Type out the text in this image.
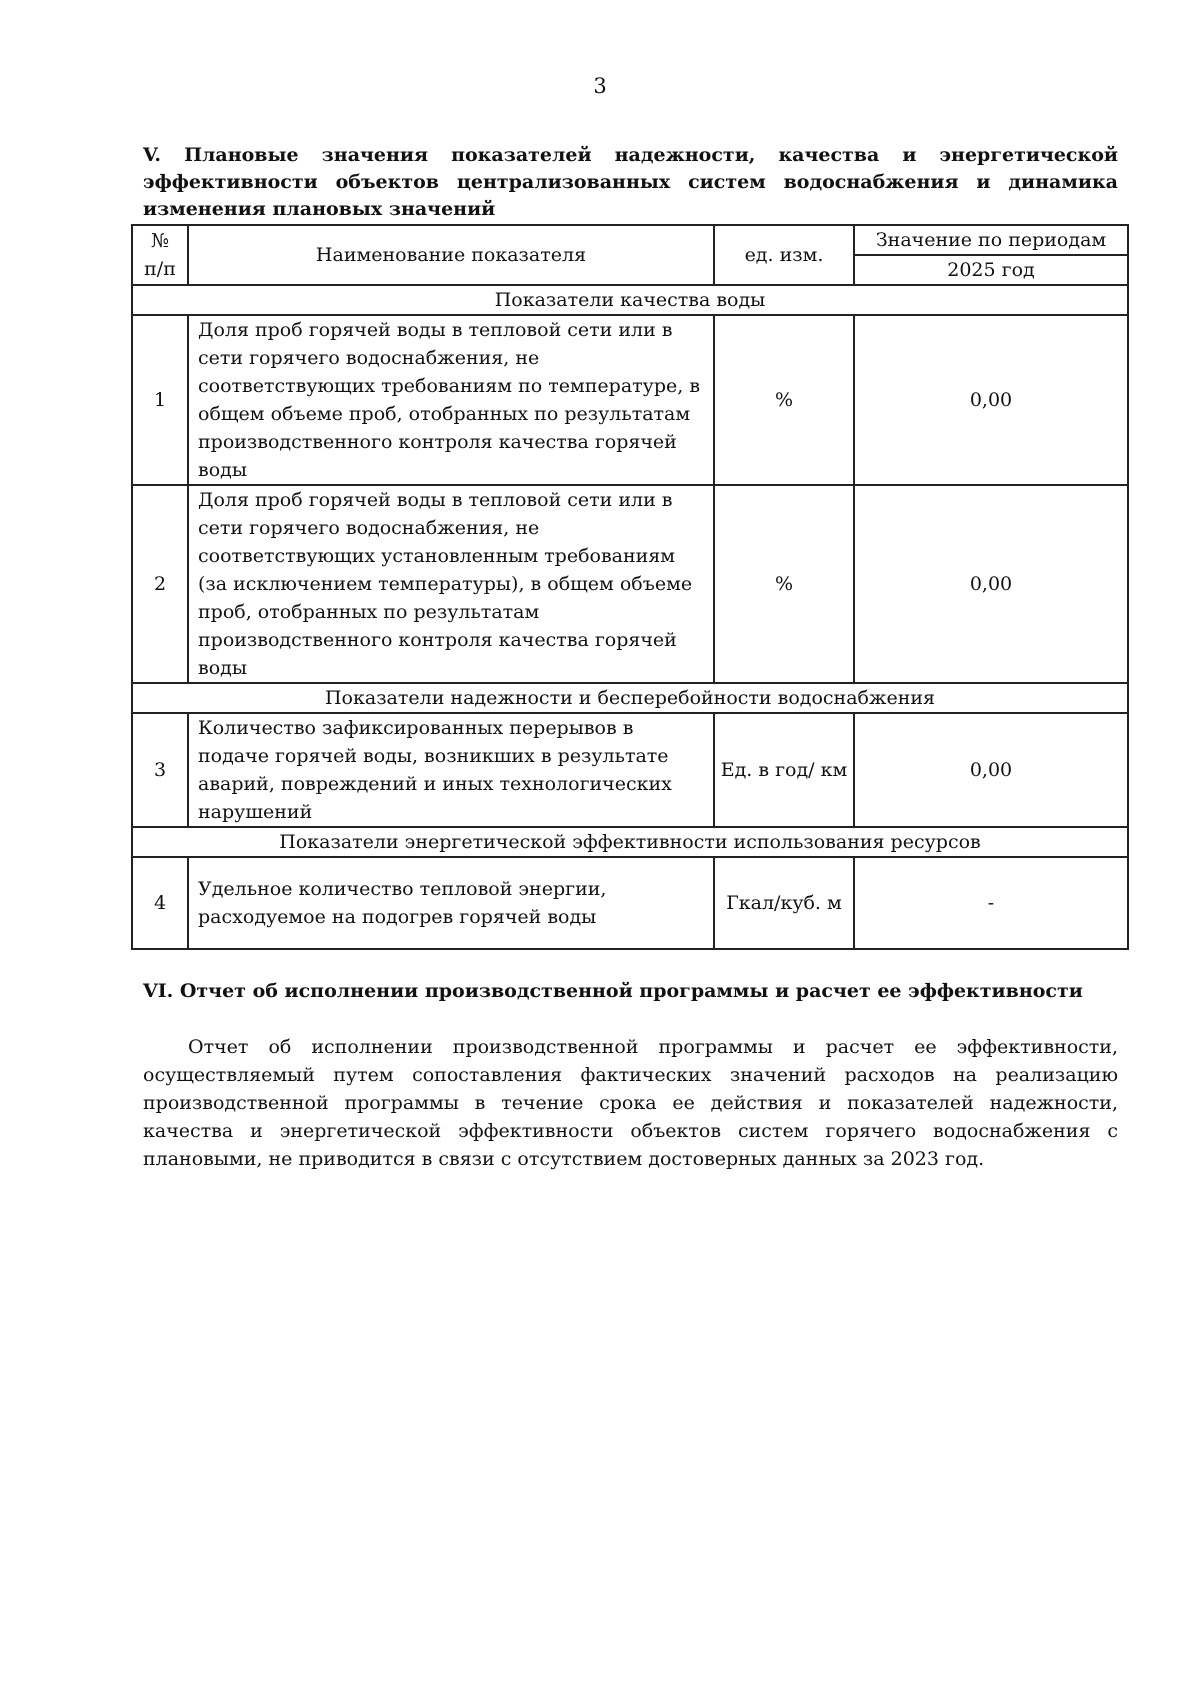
3
V. Плановые значения показателей надежности, качества и энергетической эффективности объектов централизованных систем водоснабжения и динамика изменения плановых значений
№
п/п	Наименование показателя	ед. изм.	Значение по периодам
			2025 год
Показатели качества воды			
1	Доля проб горячей воды в тепловой сети или в сети горячего водоснабжения, не соответствующих требованиям по температуре, в общем объеме проб, отобранных по результатам производственного контроля качества горячей воды	%	0,00
2	Доля проб горячей воды в тепловой сети или в сети горячего водоснабжения, не соответствующих установленным требованиям (за исключением температуры), в общем объеме проб, отобранных по результатам производственного контроля качества горячей воды	%	0,00
Показатели надежности и бесперебойности водоснабжения			
3	Количество зафиксированных перерывов в подаче горячей воды, возникших в результате аварий, повреждений и иных технологических нарушений	Ед. в год/ км	0,00
Показатели энергетической эффективности использования ресурсов			
4	Удельное количество тепловой энергии, расходуемое на подогрев горячей воды	Гкал/куб. м	-
VI. Отчет об исполнении производственной программы и расчет ее эффективности

Отчет об исполнении производственной программы и расчет ее эффективности, осуществляемый путем сопоставления фактических значений расходов на реализацию производственной программы в течение срока ее действия и показателей надежности, качества и энергетической эффективности объектов систем горячего водоснабжения с плановыми, не приводится в связи с отсутствием достоверных данных за 2023 год.
